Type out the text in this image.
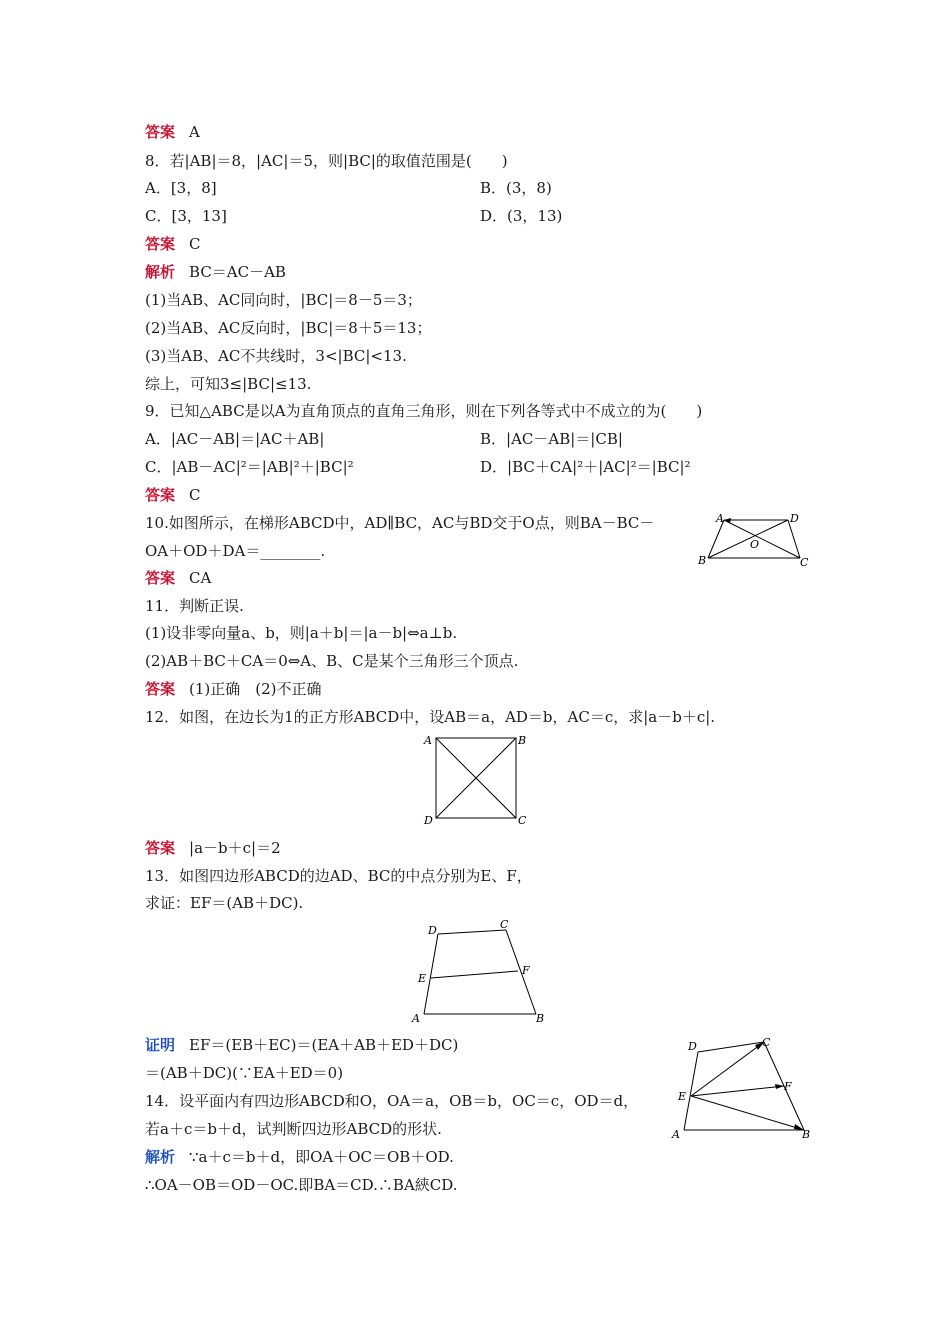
答案 A
8．若|AB|＝8，|AC|＝5，则|BC|的取值范围是(　　)
A．[3，8]	B．(3，8)
C．[3，13]	D．(3，13)
答案 C
解析 BC＝AC－AB
(1)当AB、AC同向时，|BC|＝8－5＝3；
(2)当AB、AC反向时，|BC|＝8＋5＝13；
(3)当AB、AC不共线时，3<|BC|<13.
综上，可知3≤|BC|≤13.
9．已知△ABC是以A为直角顶点的直角三角形，则在下列各等式中不成立的为(　　)
A．|AC－AB|＝|AC＋AB|	B．|AC－AB|＝|CB|
C．|AB－AC|²＝|AB|²＋|BC|²	D．|BC＋CA|²＋|AC|²＝|BC|²
答案 C
10.如图所示，在梯形ABCD中，AD∥BC，AC与BD交于O点，则BA－BC－
OA＋OD＋DA＝________.
答案 CA
A	D
B	C
O
11．判断正误.
(1)设非零向量a、b，则|a＋b|＝|a－b|⇔a⊥b.
(2)AB＋BC＋CA＝0⇔A、B、C是某个三角形三个顶点.
答案 (1)正确　(2)不正确
12．如图，在边长为1的正方形ABCD中，设AB＝a，AD＝b，AC＝c，求|a－b＋c|.
A	B
D	C
答案 |a－b＋c|＝2
13．如图四边形ABCD的边AD、BC的中点分别为E、F，
求证：EF＝(AB＋DC).
D	C
E
F
A	B
证明 EF＝(EB＋EC)＝(EA＋AB＋ED＋DC)
＝(AB＋DC)(∵EA＋ED＝0)
D	C
E
F
A	B
14．设平面内有四边形ABCD和O，OA＝a，OB＝b，OC＝c，OD＝d，
若a＋c＝b＋d，试判断四边形ABCD的形状.
解析 ∵a＋c＝b＋d，即OA＋OC＝OB＋OD.
∴OA－OB＝OD－OC.即BA＝CD.∴BA綊CD.
